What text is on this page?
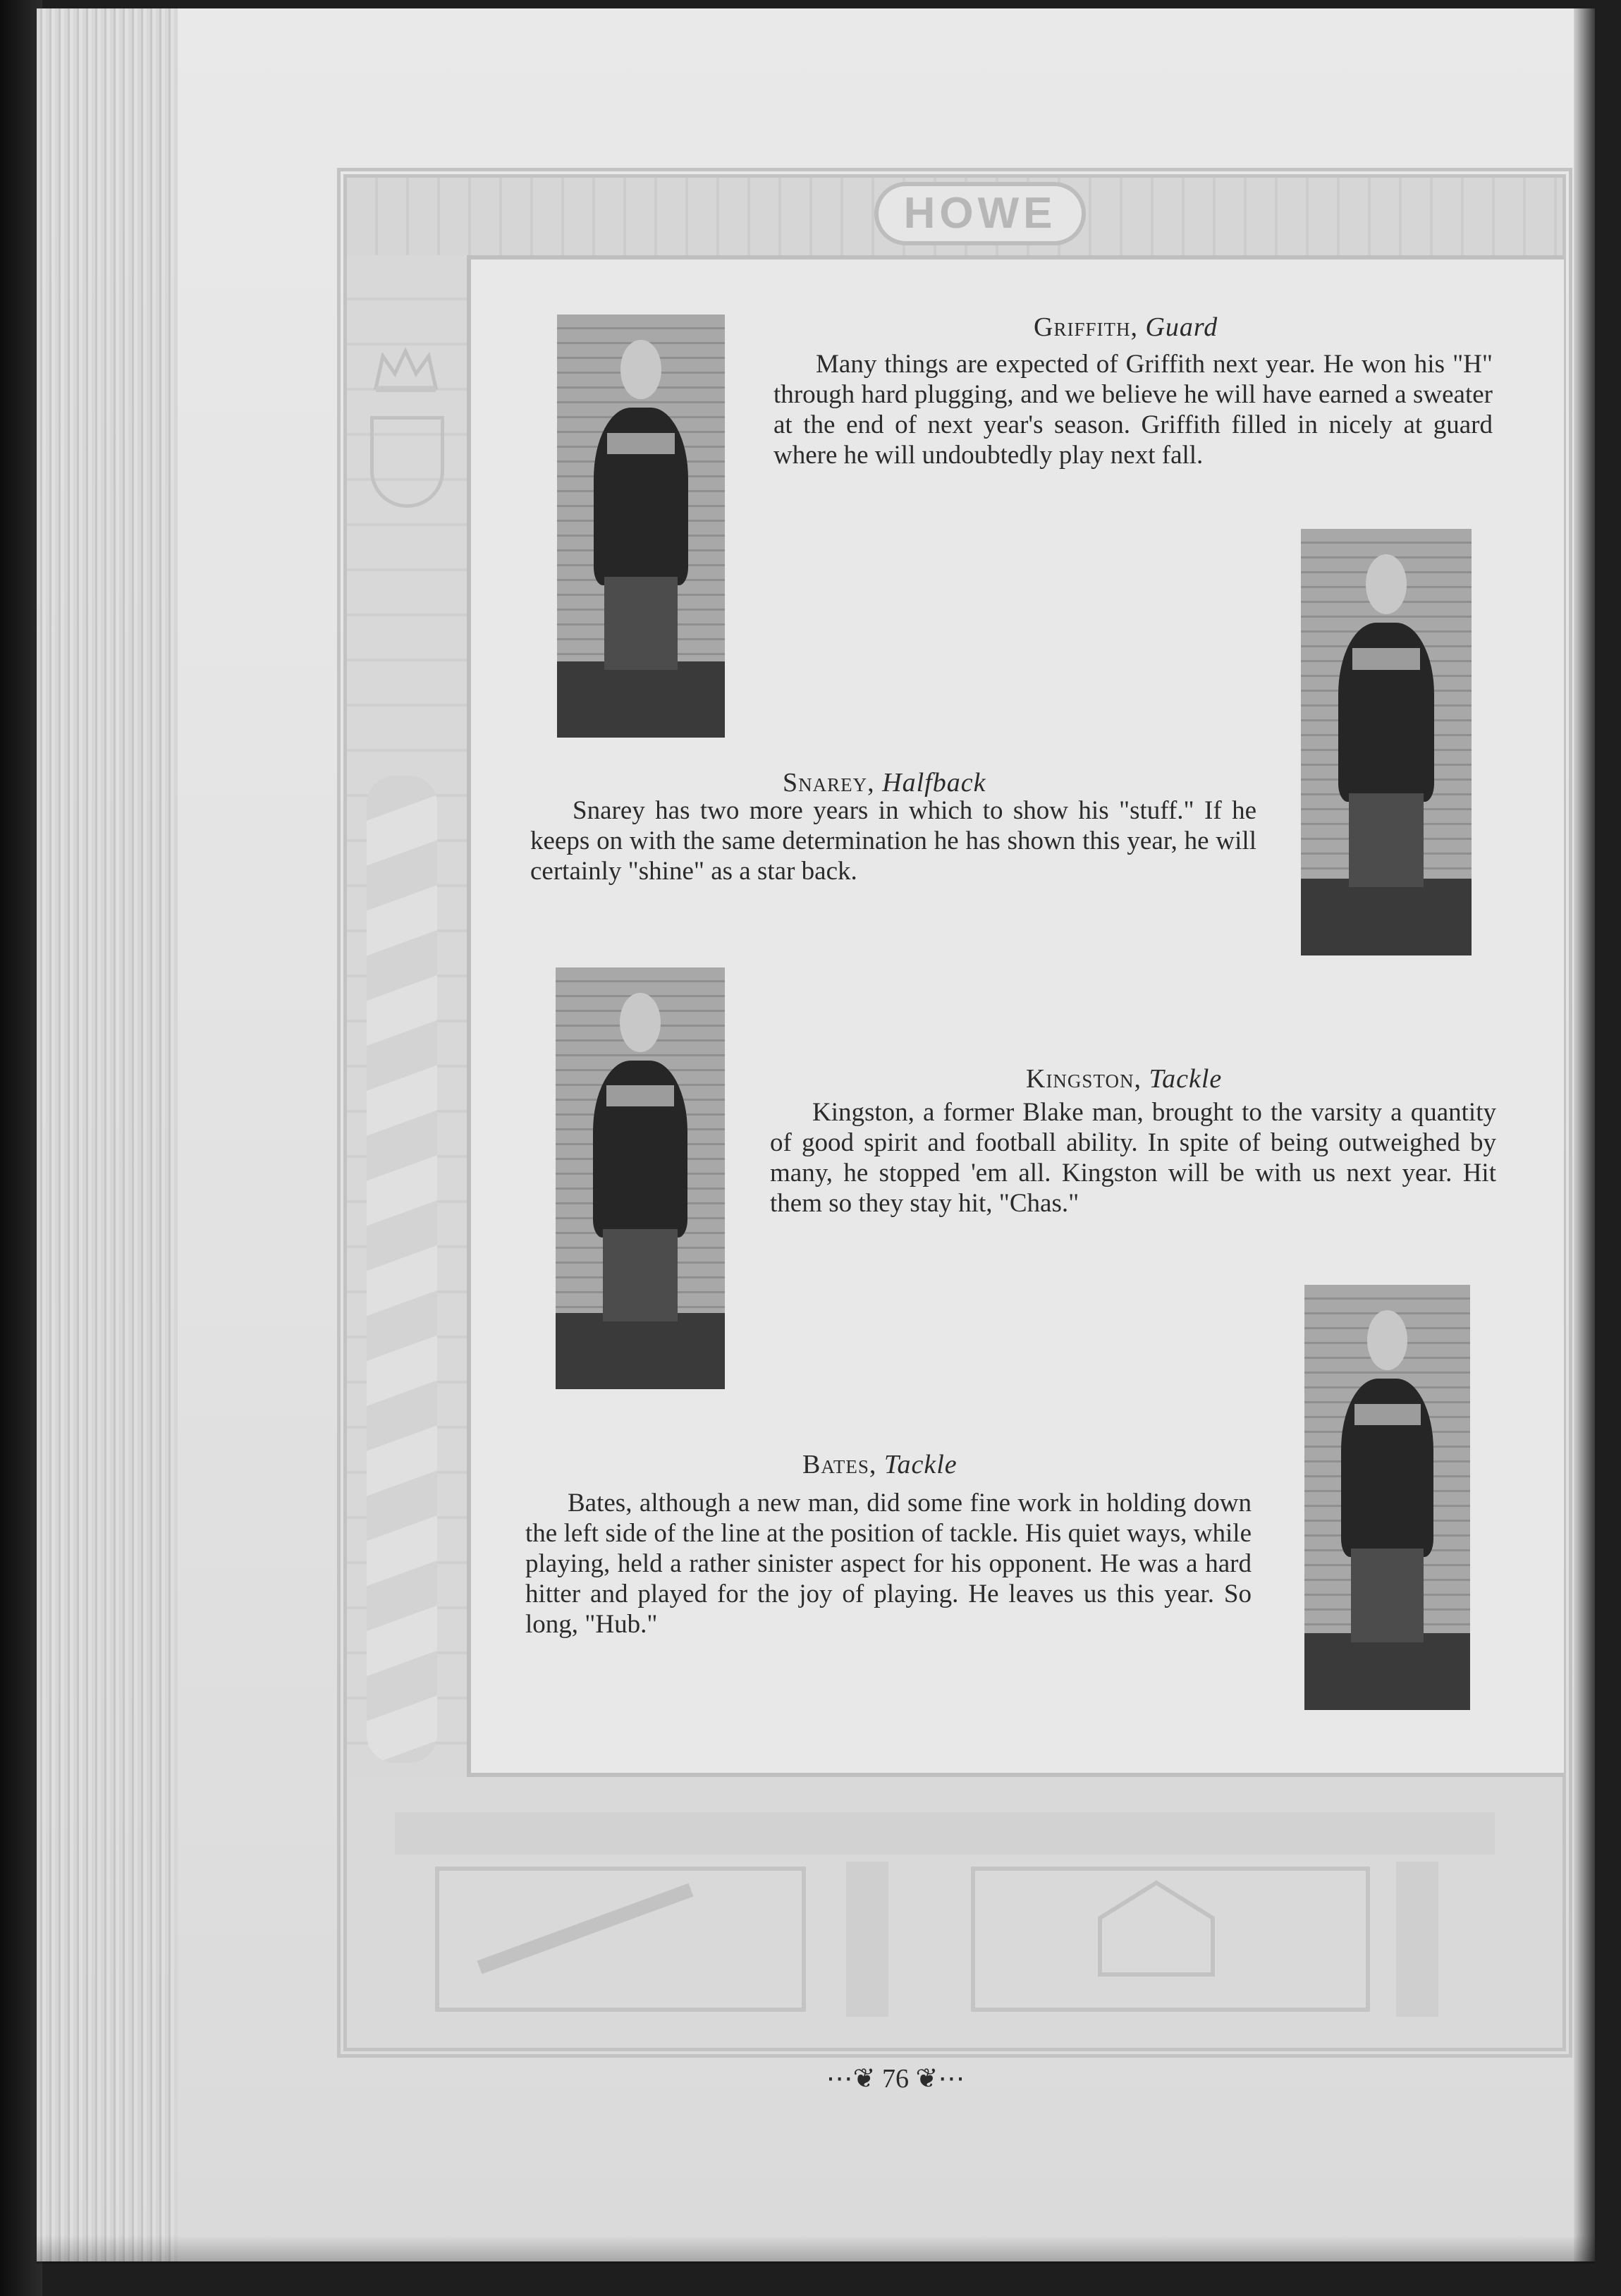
HOWE
Griffith, Guard

Many things are expected of Griffith next year. He won his "H" through hard plugging, and we believe he will have earned a sweater at the end of next year's season. Griffith filled in nicely at guard where he will undoubtedly play next fall.

Snarey, Halfback

Snarey has two more years in which to show his "stuff." If he keeps on with the same determination he has shown this year, he will certainly "shine" as a star back.

Kingston, Tackle

Kingston, a former Blake man, brought to the varsity a quantity of good spirit and football ability. In spite of being outweighed by many, he stopped 'em all. Kingston will be with us next year. Hit them so they stay hit, "Chas."

Bates, Tackle

Bates, although a new man, did some fine work in holding down the left side of the line at the position of tackle. His quiet ways, while playing, held a rather sinister aspect for his opponent. He was a hard hitter and played for the joy of playing. He leaves us this year. So long, "Hub."

⋯❦ 76 ❦⋯
